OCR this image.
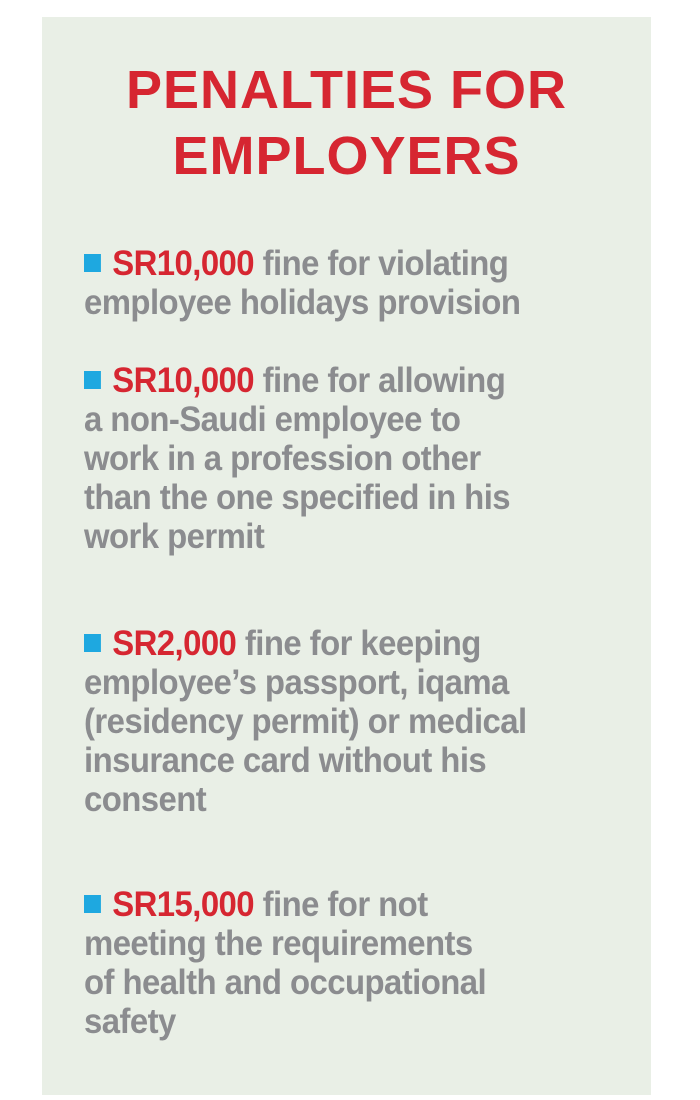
PENALTIES FOR
EMPLOYERS

SR10,000 fine for violating
employee holidays provision

SR10,000 fine for allowing
a non-Saudi employee to
work in a profession other
than the one specified in his
work permit

SR2,000 fine for keeping
employee’s passport, iqama
(residency permit) or medical
insurance card without his
consent

SR15,000 fine for not
meeting the requirements
of health and occupational
safety
